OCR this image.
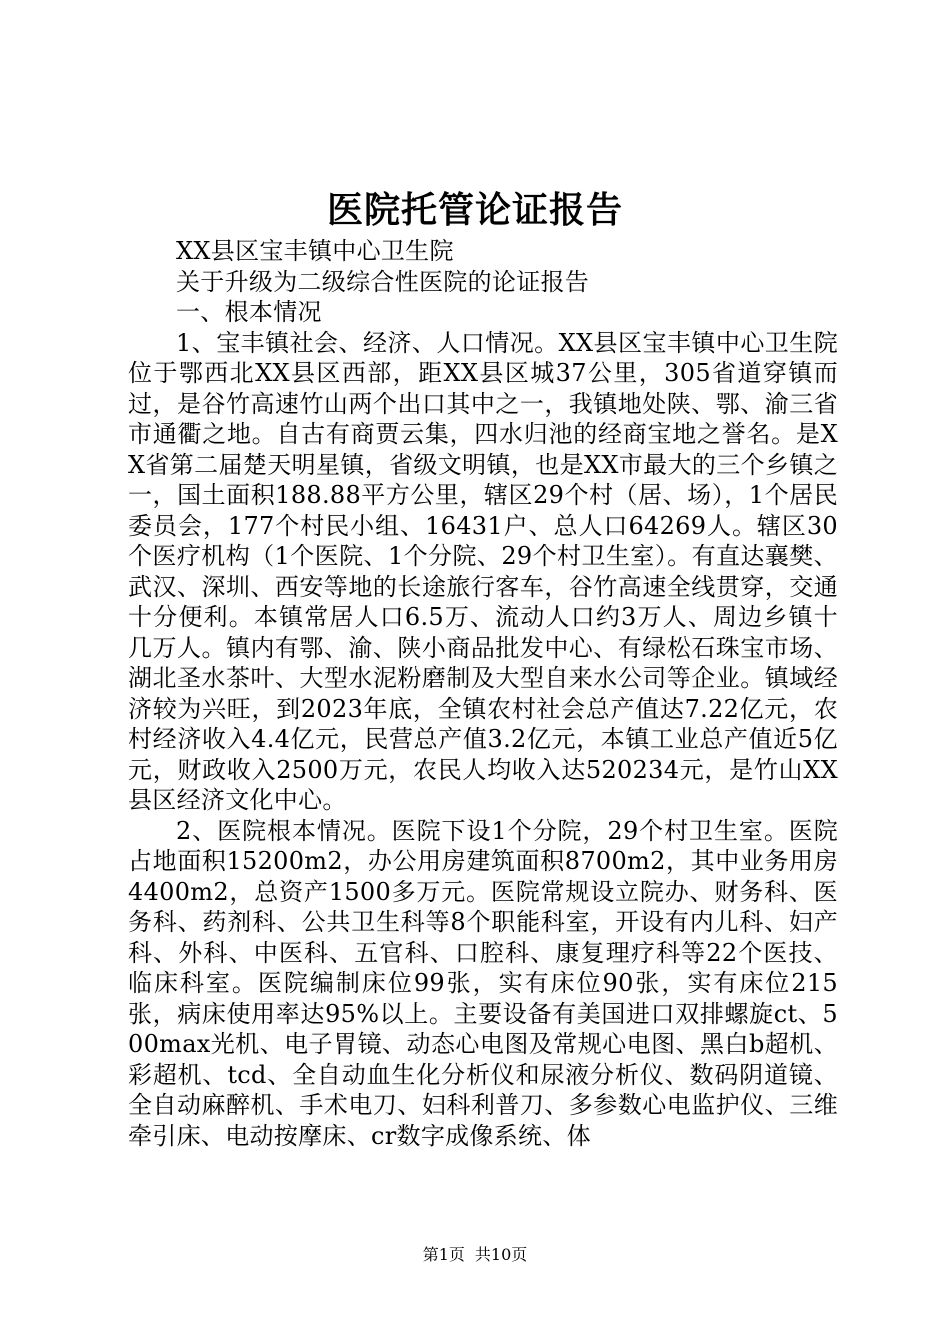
医院托管论证报告

XX县区宝丰镇中心卫生院

关于升级为二级综合性医院的论证报告

一、根本情况

1、宝丰镇社会、经济、人口情况。XX县区宝丰镇中心卫生院位于鄂西北XX县区西部，距XX县区城37公里，305省道穿镇而过，是谷竹高速竹山两个出口其中之一，我镇地处陕、鄂、渝三省市通衢之地。自古有商贾云集，四水归池的经商宝地之誉名。是XX省第二届楚天明星镇，省级文明镇，也是XX市最大的三个乡镇之一，国土面积188.88平方公里，辖区29个村（居、场），1个居民委员会，177个村民小组、16431户、总人口64269人。辖区30个医疗机构（1个医院、1个分院、29个村卫生室）。有直达襄樊、武汉、深圳、西安等地的长途旅行客车，谷竹高速全线贯穿，交通十分便利。本镇常居人口6.5万、流动人口约3万人、周边乡镇十几万人。镇内有鄂、渝、陕小商品批发中心、有绿松石珠宝市场、湖北圣水茶叶、大型水泥粉磨制及大型自来水公司等企业。镇域经济较为兴旺，到2023年底，全镇农村社会总产值达7.22亿元，农村经济收入4.4亿元，民营总产值3.2亿元，本镇工业总产值近5亿元，财政收入2500万元，农民人均收入达520234元，是竹山XX县区经济文化中心。

2、医院根本情况。医院下设1个分院，29个村卫生室。医院占地面积15200m2，办公用房建筑面积8700m2，其中业务用房4400m2，总资产1500多万元。医院常规设立院办、财务科、医务科、药剂科、公共卫生科等8个职能科室，开设有内儿科、妇产科、外科、中医科、五官科、口腔科、康复理疗科等22个医技、临床科室。医院编制床位99张，实有床位90张，实有床位215张，病床使用率达95%以上。主要设备有美国进口双排螺旋ct、500max光机、电子胃镜、动态心电图及常规心电图、黑白b超机、彩超机、tcd、全自动血生化分析仪和尿液分析仪、数码阴道镜、全自动麻醉机、手术电刀、妇科利普刀、多参数心电监护仪、三维牵引床、电动按摩床、cr数字成像系统、体

第1页 共10页
